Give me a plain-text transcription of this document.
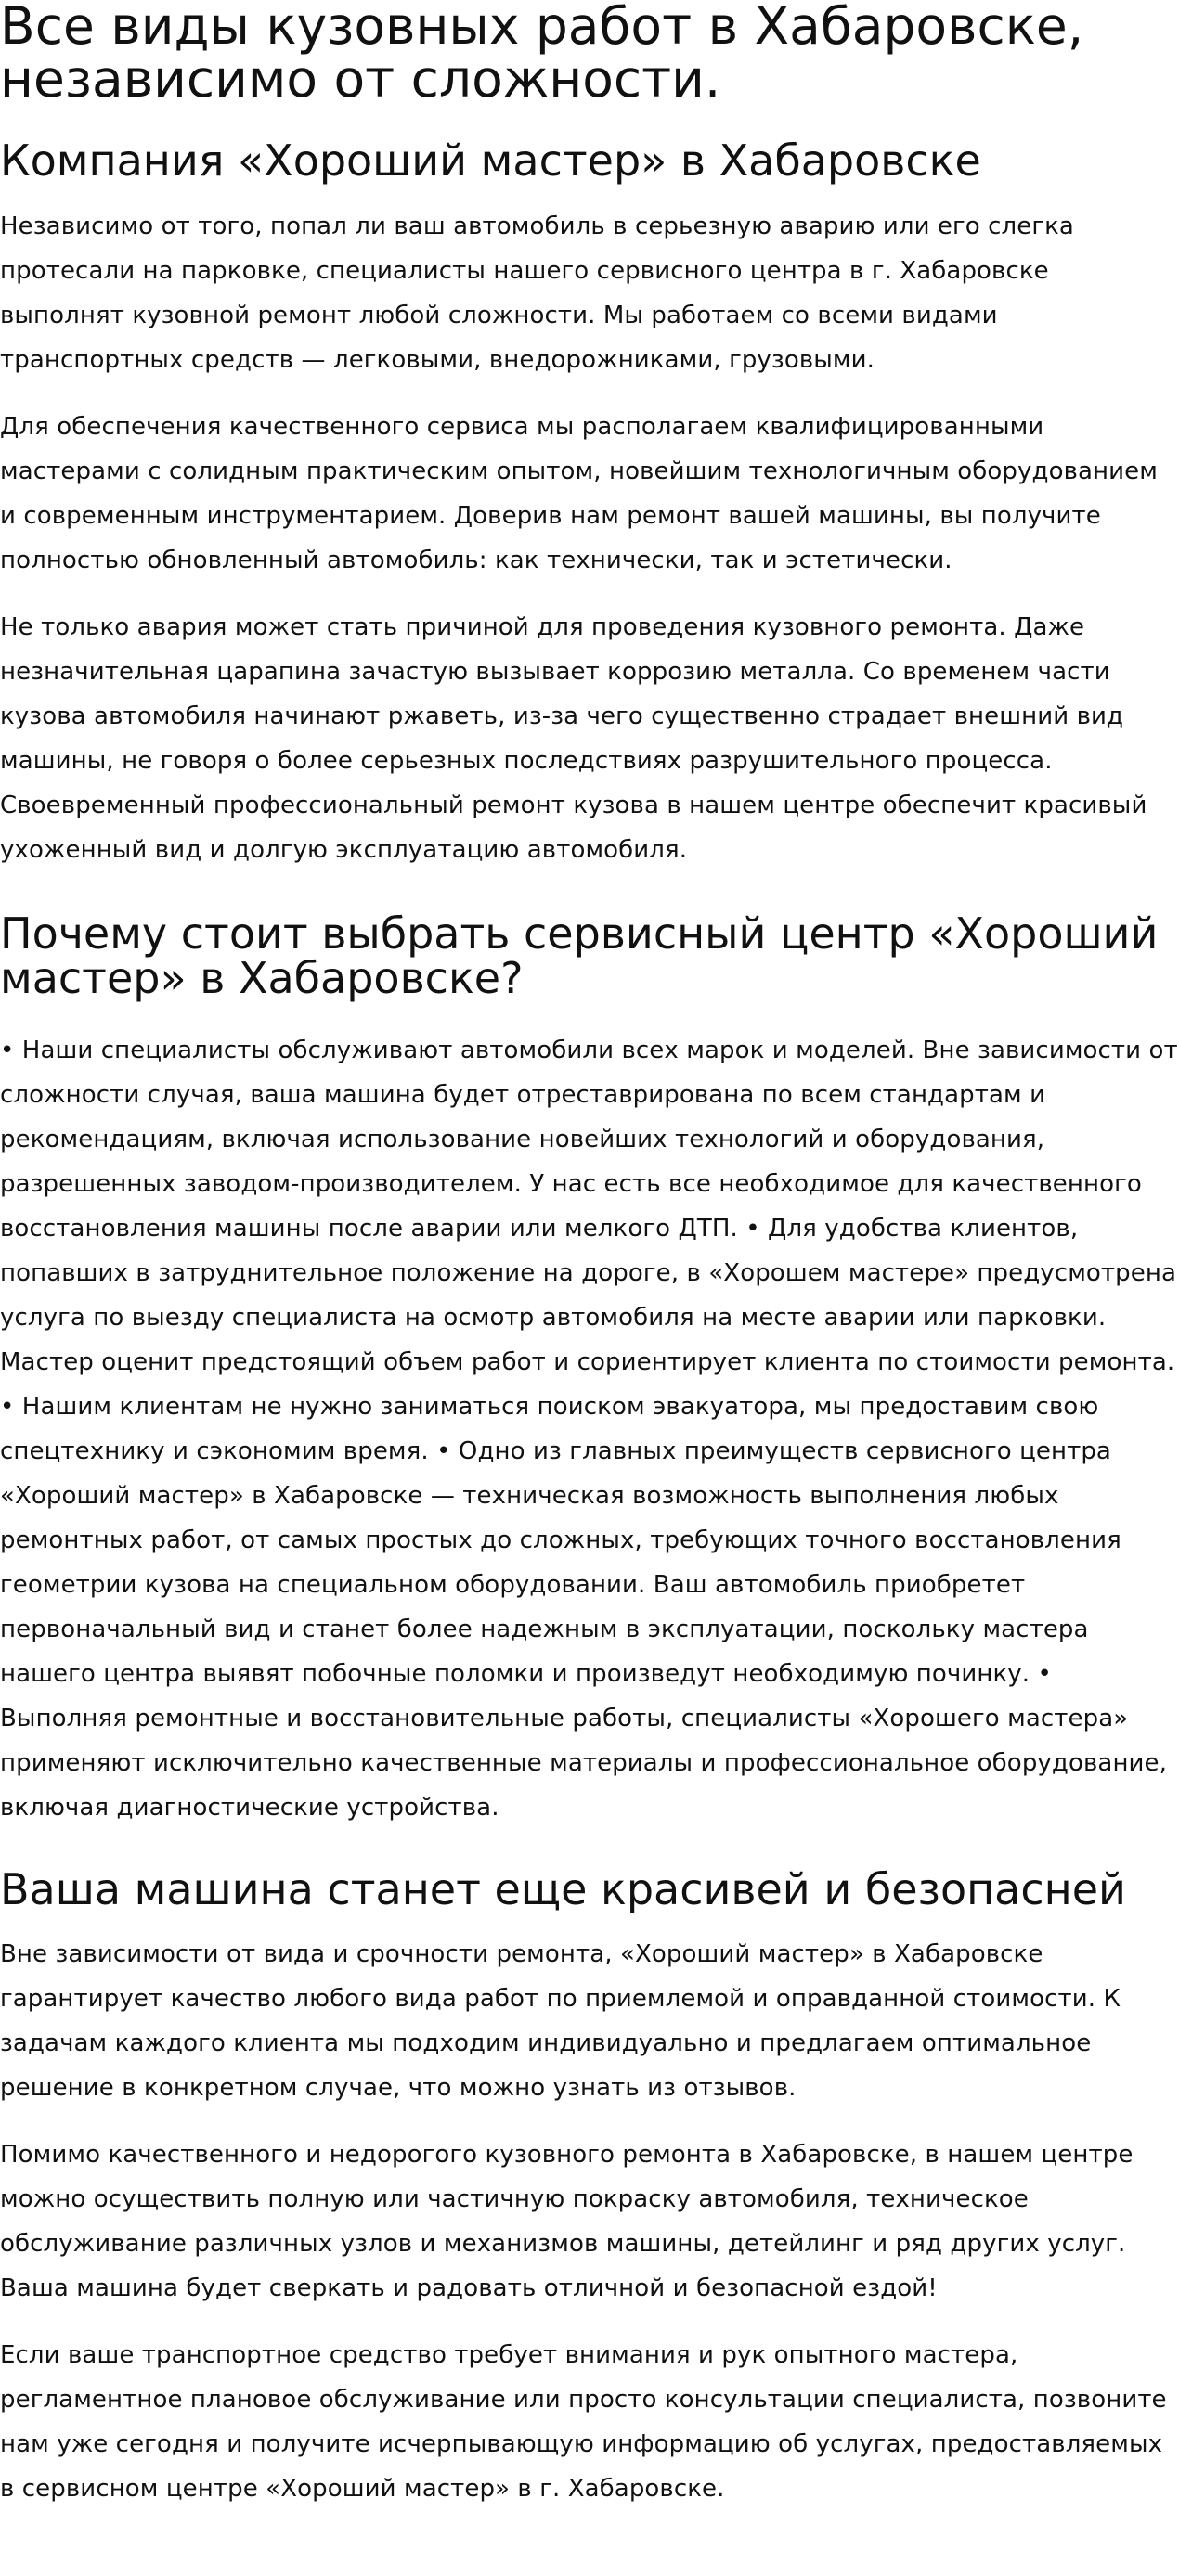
Все виды кузовных работ в Хабаровске, независимо от сложности.
Компания «Хороший мастер» в Хабаровске

Независимо от того, попал ли ваш автомобиль в серьезную аварию или его слегка протесали на парковке, специалисты нашего сервисного центра в г. Хабаровске выполнят кузовной ремонт любой сложности. Мы работаем со всеми видами транспортных средств — легковыми, внедорожниками, грузовыми.

Для обеспечения качественного сервиса мы располагаем квалифицированными мастерами с солидным практическим опытом, новейшим технологичным оборудованием и современным инструментарием. Доверив нам ремонт вашей машины, вы получите полностью обновленный автомобиль: как технически, так и эстетически.

Не только авария может стать причиной для проведения кузовного ремонта. Даже незначительная царапина зачастую вызывает коррозию металла. Со временем части кузова автомобиля начинают ржаветь, из-за чего существенно страдает внешний вид машины, не говоря о более серьезных последствиях разрушительного процесса. Своевременный профессиональный ремонт кузова в нашем центре обеспечит красивый ухоженный вид и долгую эксплуатацию автомобиля.

Почему стоит выбрать сервисный центр «Хороший мастер» в Хабаровске?

• Наши специалисты обслуживают автомобили всех марок и моделей. Вне зависимости от сложности случая, ваша машина будет отреставрирована по всем стандартам и рекомендациям, включая использование новейших технологий и оборудования, разрешенных заводом-производителем. У нас есть все необходимое для качественного восстановления машины после аварии или мелкого ДТП. • Для удобства клиентов, попавших в затруднительное положение на дороге, в «Хорошем мастере» предусмотрена услуга по выезду специалиста на осмотр автомобиля на месте аварии или парковки. Мастер оценит предстоящий объем работ и сориентирует клиента по стоимости ремонта. • Нашим клиентам не нужно заниматься поиском эвакуатора, мы предоставим свою спецтехнику и сэкономим время. • Одно из главных преимуществ сервисного центра «Хороший мастер» в Хабаровске — техническая возможность выполнения любых ремонтных работ, от самых простых до сложных, требующих точного восстановления геометрии кузова на специальном оборудовании. Ваш автомобиль приобретет первоначальный вид и станет более надежным в эксплуатации, поскольку мастера нашего центра выявят побочные поломки и произведут необходимую починку. • Выполняя ремонтные и восстановительные работы, специалисты «Хорошего мастера» применяют исключительно качественные материалы и профессиональное оборудование, включая диагностические устройства.

Ваша машина станет еще красивей и безопасней

Вне зависимости от вида и срочности ремонта, «Хороший мастер» в Хабаровске гарантирует качество любого вида работ по приемлемой и оправданной стоимости. К задачам каждого клиента мы подходим индивидуально и предлагаем оптимальное решение в конкретном случае, что можно узнать из отзывов.

Помимо качественного и недорогого кузовного ремонта в Хабаровске, в нашем центре можно осуществить полную или частичную покраску автомобиля, техническое обслуживание различных узлов и механизмов машины, детейлинг и ряд других услуг. Ваша машина будет сверкать и радовать отличной и безопасной ездой!

Если ваше транспортное средство требует внимания и рук опытного мастера, регламентное плановое обслуживание или просто консультации специалиста, позвоните нам уже сегодня и получите исчерпывающую информацию об услугах, предоставляемых в сервисном центре «Хороший мастер» в г. Хабаровске.
